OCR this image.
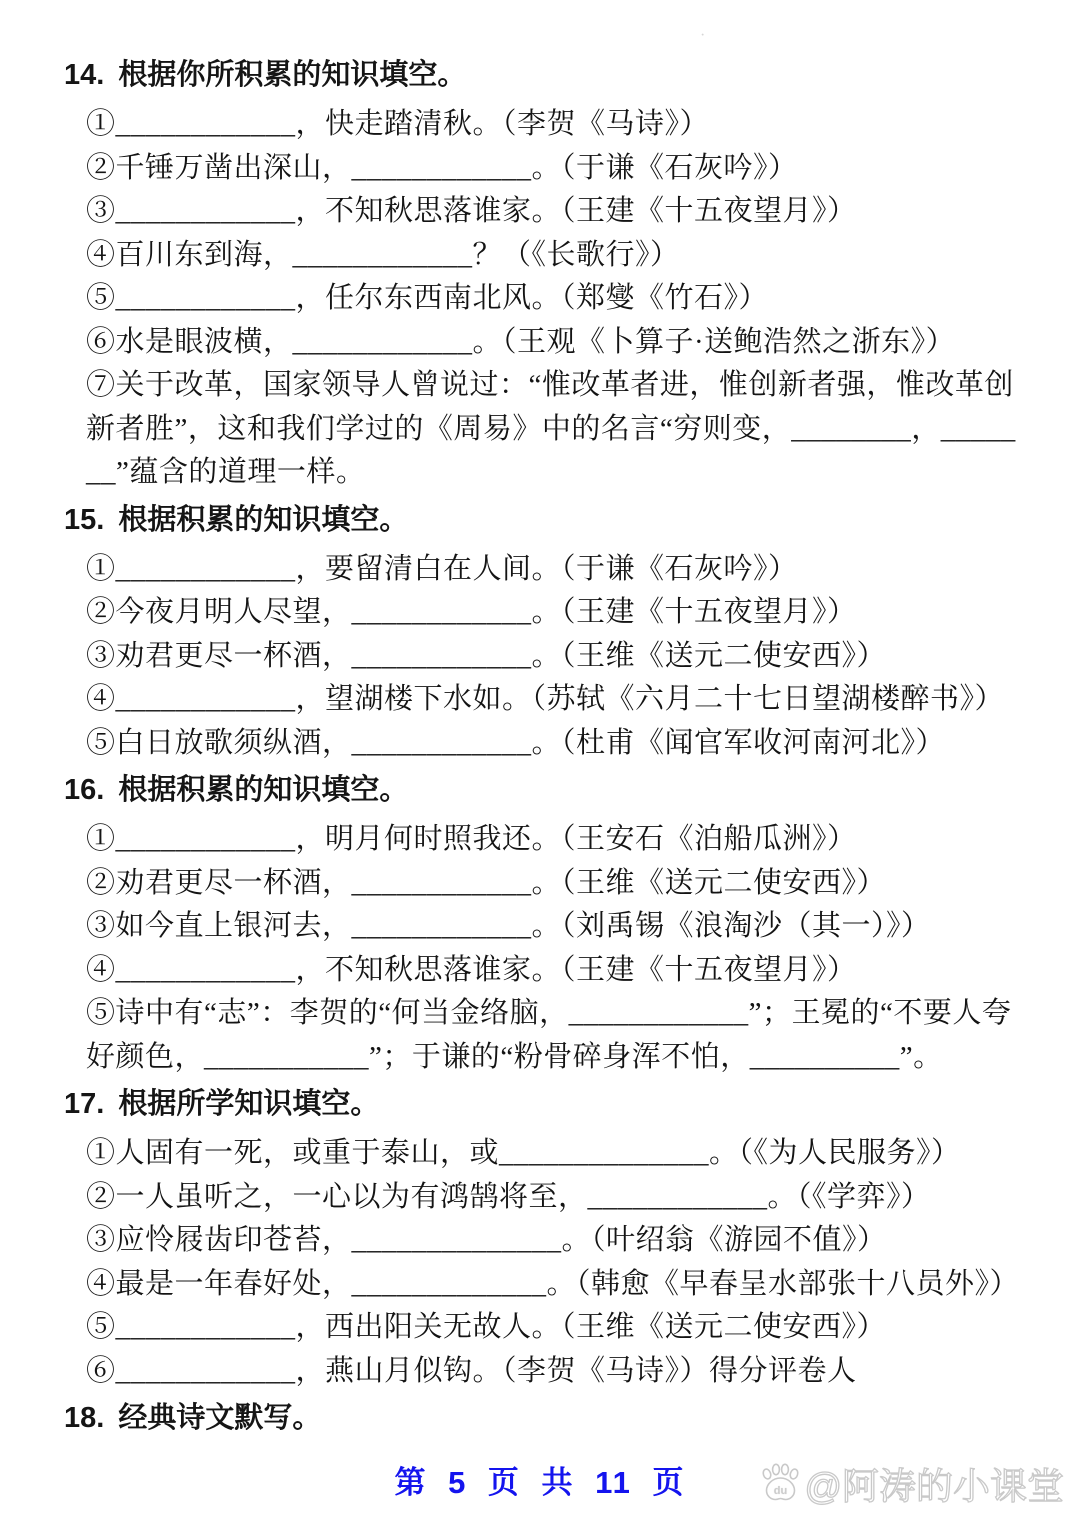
·
14. 根据你所积累的知识填空。

①____________，快走踏清秋。（李贺《马诗》）

②千锤万凿出深山，____________。（于谦《石灰吟》）

③____________，不知秋思落谁家。（王建《十五夜望月》）

④百川东到海，____________？（《长歌行》）

⑤____________，任尔东西南北风。（郑燮《竹石》）

⑥水是眼波横，____________。（王观《卜算子·送鲍浩然之浙东》）

⑦关于改革，国家领导人曾说过：“惟改革者进，惟创新者强，惟改革创新者胜”，这和我们学过的《周易》中的名言“穷则变，________，_______”蕴含的道理一样。

15. 根据积累的知识填空。

①____________，要留清白在人间。（于谦《石灰吟》）

②今夜月明人尽望，____________。（王建《十五夜望月》）

③劝君更尽一杯酒，____________。（王维《送元二使安西》）

④____________，望湖楼下水如。（苏轼《六月二十七日望湖楼醉书》）

⑤白日放歌须纵酒，____________。（杜甫《闻官军收河南河北》）

16. 根据积累的知识填空。

①____________，明月何时照我还。（王安石《泊船瓜洲》）

②劝君更尽一杯酒，____________。（王维《送元二使安西》）

③如今直上银河去，____________。（刘禹锡《浪淘沙（其一）》）

④____________，不知秋思落谁家。（王建《十五夜望月》）

⑤诗中有“志”：李贺的“何当金络脑，____________”；王冕的“不要人夸好颜色，___________”；于谦的“粉骨碎身浑不怕，__________”。

17. 根据所学知识填空。

①人固有一死，或重于泰山，或______________。（《为人民服务》）

②一人虽听之，一心以为有鸿鹄将至，____________。（《学弈》）

③应怜屐齿印苍苔，______________。（叶绍翁《游园不值》）

④最是一年春好处，_____________。（韩愈《早春呈水部张十八员外》）

⑤____________，西出阳关无故人。（王维《送元二使安西》）

⑥____________，燕山月似钩。（李贺《马诗》）得分评卷人

18. 经典诗文默写。
第 5 页 共 11 页	du @阿涛的小课堂
